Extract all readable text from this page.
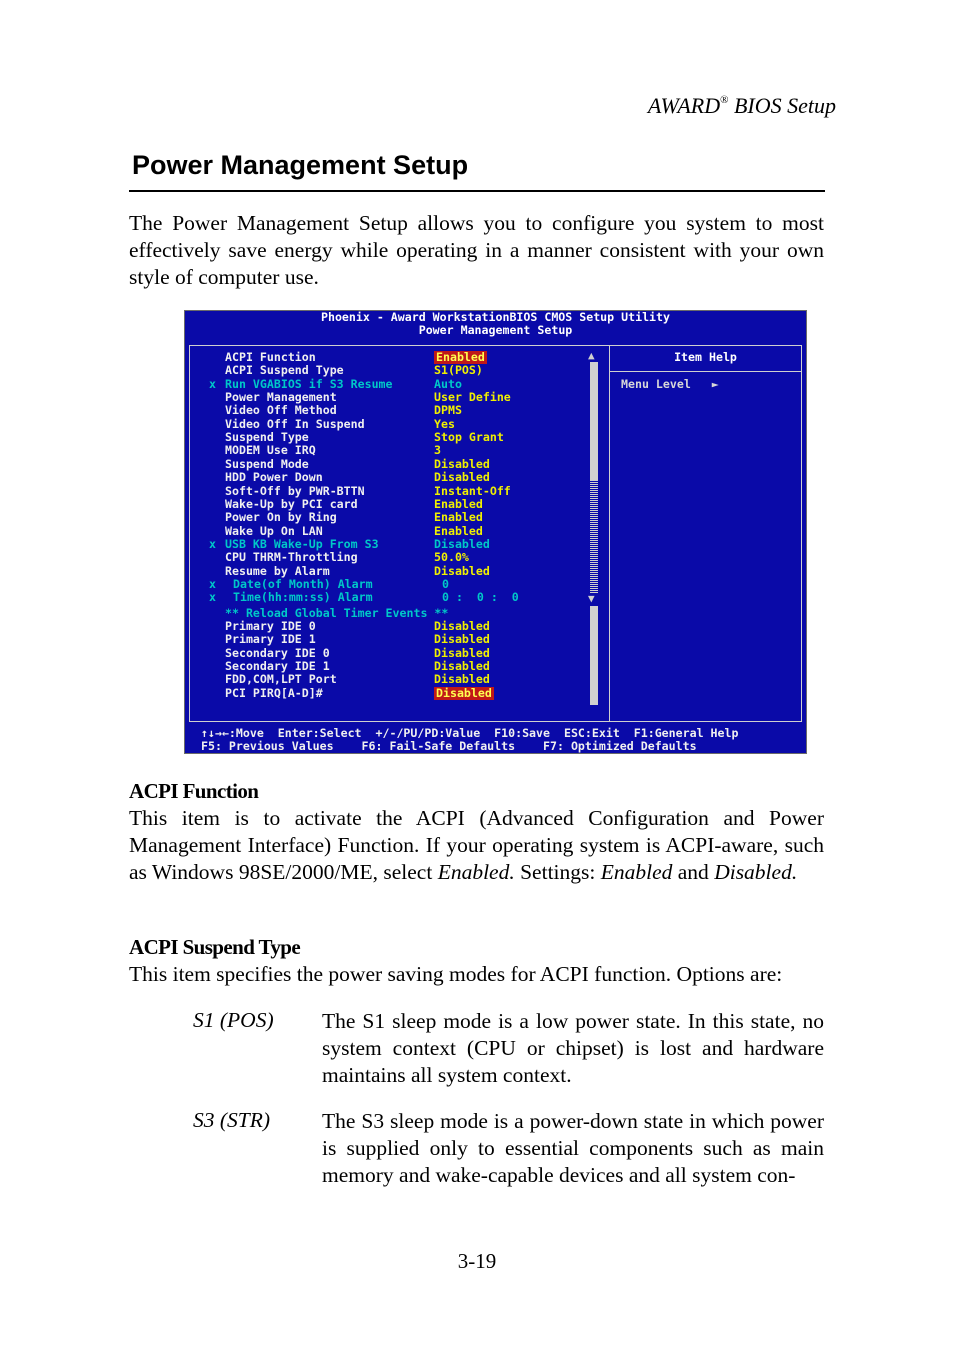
AWARD® BIOS Setup
Power Management Setup
The Power Management Setup allows you to configure you system to most effectively save energy while operating in a manner consistent with your own style of computer use.

Phoenix - Award WorkstationBIOS CMOS Setup Utility

Power Management Setup

Item Help

Menu Level   ►

ACPI Function	Enabled
ACPI Suspend Type	S1(POS)
x Run VGABIOS if S3 Resume	Auto
Power Management	User Define
Video Off Method	DPMS
Video Off In Suspend	Yes
Suspend Type	Stop Grant
MODEM Use IRQ	3
Suspend Mode	Disabled
HDD Power Down	Disabled
Soft-Off by PWR-BTTN	Instant-Off
Wake-Up by PCI card	Enabled
Power On by Ring	Enabled
Wake Up On LAN	Enabled
x USB KB Wake-Up From S3	Disabled
CPU THRM-Throttling	50.0%
Resume by Alarm	Disabled
x Date(of Month) Alarm	0
x Time(hh:mm:ss) Alarm	0 :  0 :  0
** Reload Global Timer Events **
Primary IDE 0	Disabled
Primary IDE 1	Disabled
Secondary IDE 0	Disabled
Secondary IDE 1	Disabled
FDD,COM,LPT Port	Disabled
PCI PIRQ[A-D]#	Disabled

▲

▼

↑↓→←:Move  Enter:Select  +/-/PU/PD:Value  F10:Save  ESC:Exit  F1:General Help

F5: Previous Values    F6: Fail-Safe Defaults    F7: Optimized Defaults

ACPI Function
This item is to activate the ACPI (Advanced Configuration and Power Management Interface) Function. If your operating system is ACPI-aware, such as Windows 98SE/2000/ME, select Enabled. Settings: Enabled and Disabled.
ACPI Suspend Type
This item specifies the power saving modes for ACPI function. Options are:
S1 (POS) The S1 sleep mode is a low power state. In this state, no system context (CPU or chipset) is lost and hardware maintains all system context.
S3 (STR) The S3 sleep mode is a power-down state in which power is supplied only to essential components such as main memory and wake-capable devices and all system con-
3-19
